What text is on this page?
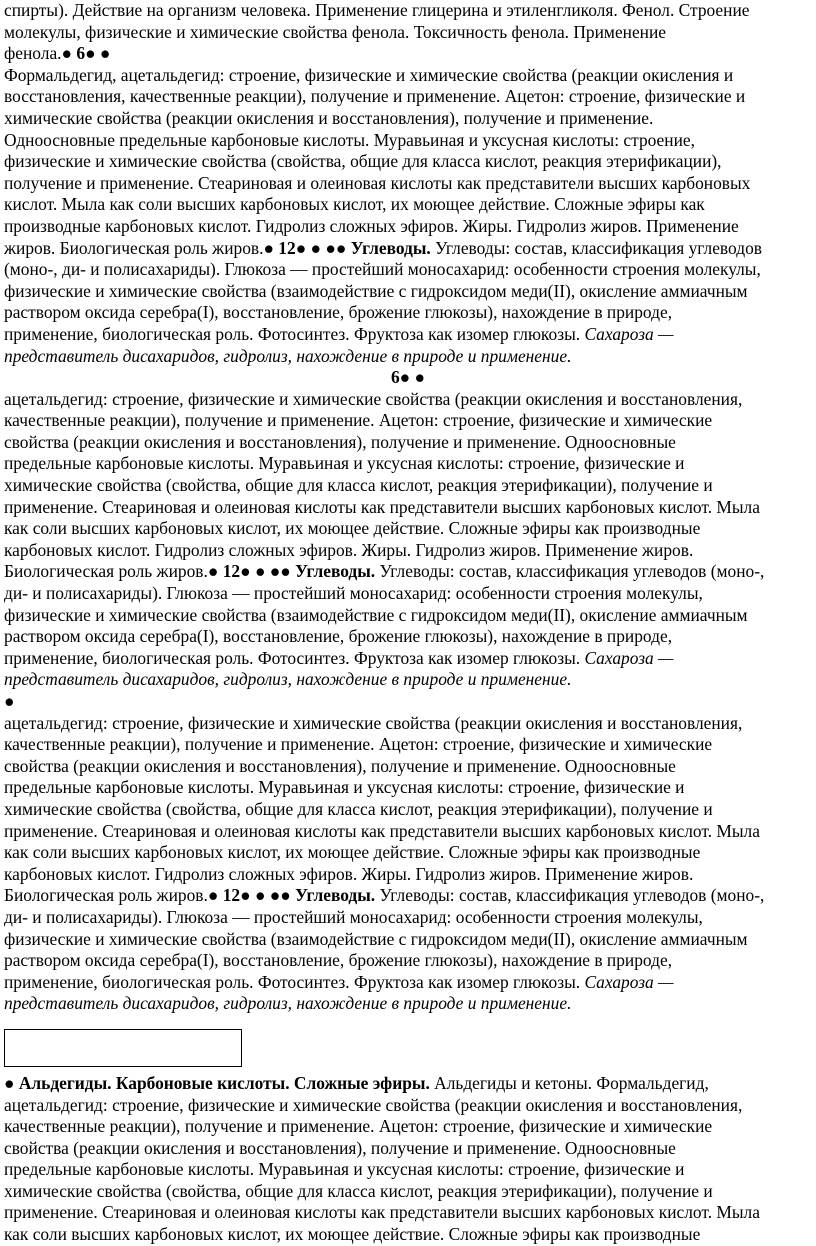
спирты). Действие на организм человека. Применение глицерина и этиленгликоля. Фенол. Строение
молекулы, физические и химические свойства фенола. Токсичность фенола. Применение
фенола.● 6● ●

Формальдегид, ацетальдегид: строение, физические и химические свойства (реакции окисления и
восстановления, качественные реакции), получение и применение. Ацетон: строение, физические и
химические свойства (реакции окисления и восстановления), получение и применение.
Одноосновные предельные карбоновые кислоты. Муравьиная и уксусная кислоты: строение,
физические и химические свойства (свойства, общие для класса кислот, реакция этерификации),
получение и применение. Стеариновая и олеиновая кислоты как представители высших карбоновых
кислот. Мыла как соли высших карбоновых кислот, их моющее действие. Сложные эфиры как
производные карбоновых кислот. Гидролиз сложных эфиров. Жиры. Гидролиз жиров. Применение
жиров. Биологическая роль жиров.● 12● ● ●● Углеводы. Углеводы: состав, классификация углеводов
(моно-, ди- и полисахариды). Глюкоза — простейший моносахарид: особенности строения молекулы,
физические и химические свойства (взаимодействие с гидроксидом меди(II), окисление аммиачным
раствором оксида серебра(I), восстановление, брожение глюкозы), нахождение в природе,
применение, биологическая роль. Фотосинтез. Фруктоза как изомер глюкозы. Сахароза —
представитель дисахаридов, гидролиз, нахождение в природе и применение.

6● ●

ацетальдегид: строение, физические и химические свойства (реакции окисления и восстановления,
качественные реакции), получение и применение. Ацетон: строение, физические и химические
свойства (реакции окисления и восстановления), получение и применение. Одноосновные
предельные карбоновые кислоты. Муравьиная и уксусная кислоты: строение, физические и
химические свойства (свойства, общие для класса кислот, реакция этерификации), получение и
применение. Стеариновая и олеиновая кислоты как представители высших карбоновых кислот. Мыла
как соли высших карбоновых кислот, их моющее действие. Сложные эфиры как производные
карбоновых кислот. Гидролиз сложных эфиров. Жиры. Гидролиз жиров. Применение жиров.
Биологическая роль жиров.● 12● ● ●● Углеводы. Углеводы: состав, классификация углеводов (моно-,
ди- и полисахариды). Глюкоза — простейший моносахарид: особенности строения молекулы,
физические и химические свойства (взаимодействие с гидроксидом меди(II), окисление аммиачным
раствором оксида серебра(I), восстановление, брожение глюкозы), нахождение в природе,
применение, биологическая роль. Фотосинтез. Фруктоза как изомер глюкозы. Сахароза —
представитель дисахаридов, гидролиз, нахождение в природе и применение.

●

ацетальдегид: строение, физические и химические свойства (реакции окисления и восстановления,
качественные реакции), получение и применение. Ацетон: строение, физические и химические
свойства (реакции окисления и восстановления), получение и применение. Одноосновные
предельные карбоновые кислоты. Муравьиная и уксусная кислоты: строение, физические и
химические свойства (свойства, общие для класса кислот, реакция этерификации), получение и
применение. Стеариновая и олеиновая кислоты как представители высших карбоновых кислот. Мыла
как соли высших карбоновых кислот, их моющее действие. Сложные эфиры как производные
карбоновых кислот. Гидролиз сложных эфиров. Жиры. Гидролиз жиров. Применение жиров.
Биологическая роль жиров.● 12● ● ●● Углеводы. Углеводы: состав, классификация углеводов (моно-,
ди- и полисахариды). Глюкоза — простейший моносахарид: особенности строения молекулы,
физические и химические свойства (взаимодействие с гидроксидом меди(II), окисление аммиачным
раствором оксида серебра(I), восстановление, брожение глюкозы), нахождение в природе,
применение, биологическая роль. Фотосинтез. Фруктоза как изомер глюкозы. Сахароза —
представитель дисахаридов, гидролиз, нахождение в природе и применение.

● Альдегиды. Карбоновые кислоты. Сложные эфиры. Альдегиды и кетоны. Формальдегид,
ацетальдегид: строение, физические и химические свойства (реакции окисления и восстановления,
качественные реакции), получение и применение. Ацетон: строение, физические и химические
свойства (реакции окисления и восстановления), получение и применение. Одноосновные
предельные карбоновые кислоты. Муравьиная и уксусная кислоты: строение, физические и
химические свойства (свойства, общие для класса кислот, реакция этерификации), получение и
применение. Стеариновая и олеиновая кислоты как представители высших карбоновых кислот. Мыла
как соли высших карбоновых кислот, их моющее действие. Сложные эфиры как производные
